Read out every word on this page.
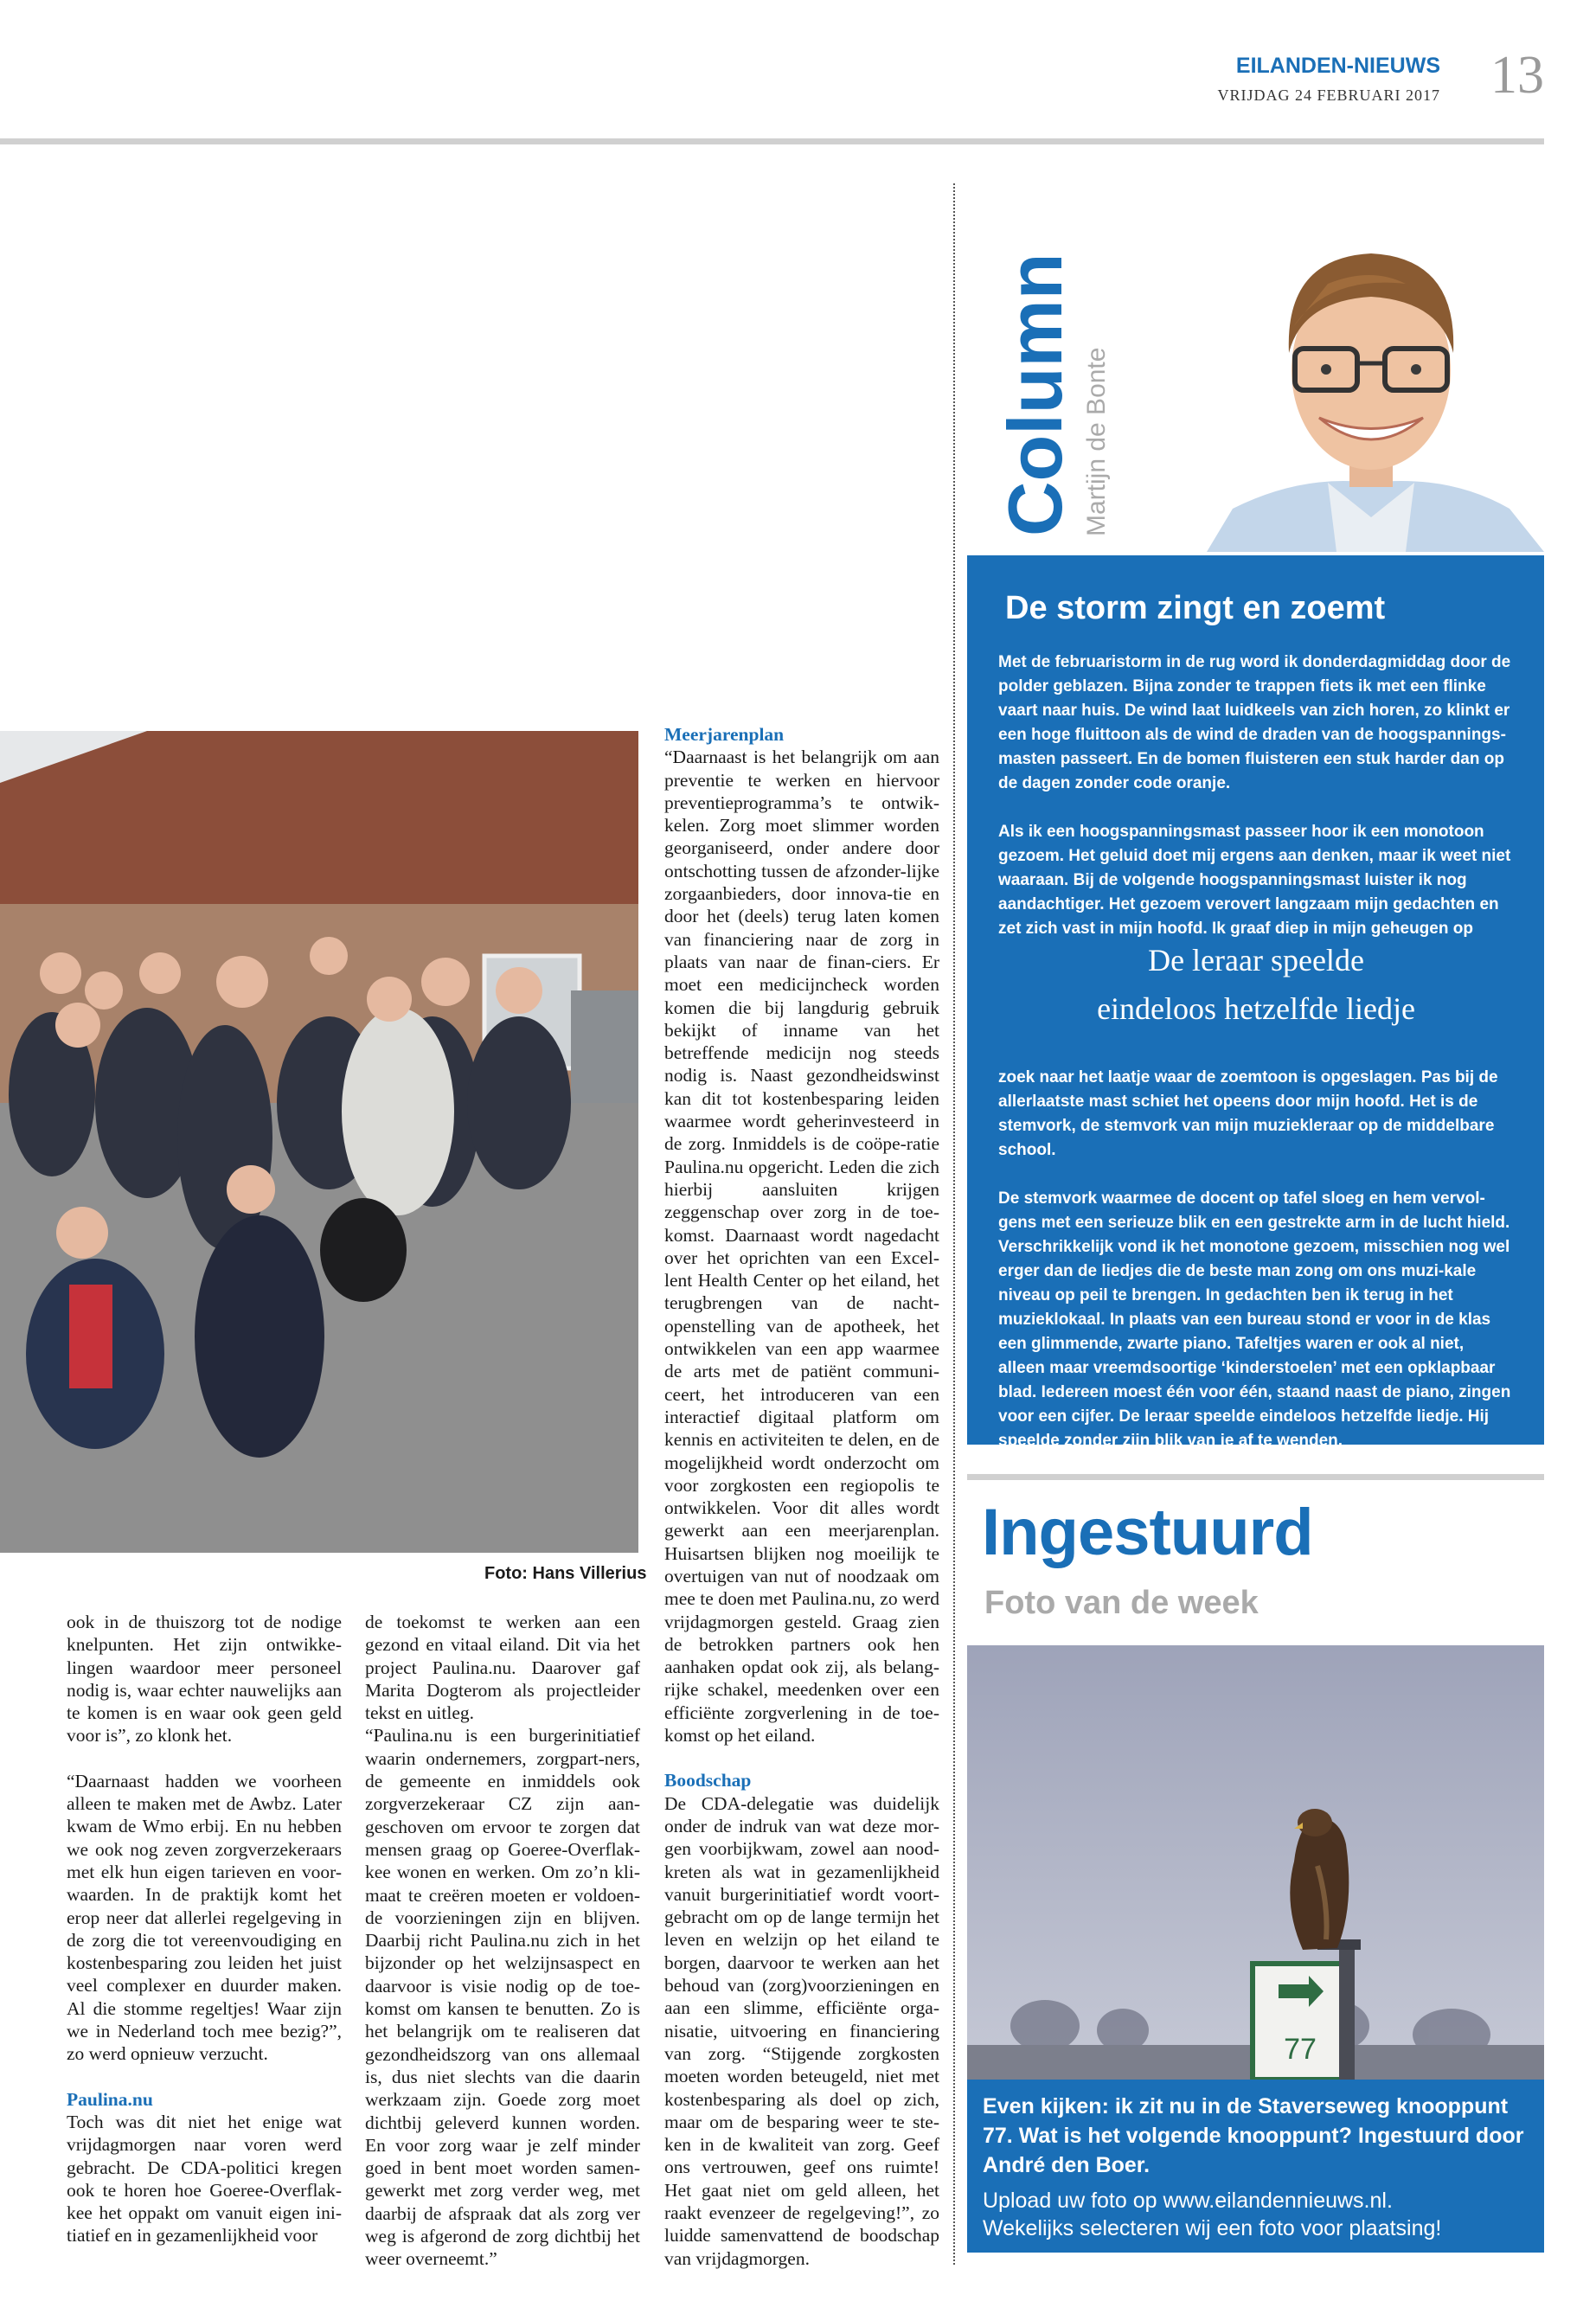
EILANDEN-NIEUWS
VRIJDAG 24 FEBRUARI 2017 13
Column Martijn de Bonte
De storm zingt en zoemt

Met de februaristorm in de rug word ik donderdagmiddag door de polder geblazen. Bijna zonder te trappen fiets ik met een flinke vaart naar huis. De wind laat luidkeels van zich horen, zo klinkt er een hoge fluittoon als de wind de draden van de hoogspannings-masten passeert. En de bomen fluisteren een stuk harder dan op de dagen zonder code oranje.

Als ik een hoogspanningsmast passeer hoor ik een monotoon gezoem. Het geluid doet mij ergens aan denken, maar ik weet niet waaraan. Bij de volgende hoogspanningsmast luister ik nog aandachtiger. Het gezoem verovert langzaam mijn gedachten en zet zich vast in mijn hoofd. Ik graaf diep in mijn geheugen op

De leraar speelde
eindeloos hetzelfde liedje

zoek naar het laatje waar de zoemtoon is opgeslagen. Pas bij de allerlaatste mast schiet het opeens door mijn hoofd. Het is de stemvork, de stemvork van mijn muziekleraar op de middelbare school.

De stemvork waarmee de docent op tafel sloeg en hem vervol-gens met een serieuze blik en een gestrekte arm in de lucht hield. Verschrikkelijk vond ik het monotone gezoem, misschien nog wel erger dan de liedjes die de beste man zong om ons muzi-kale niveau op peil te brengen. In gedachten ben ik terug in het muzieklokaal. In plaats van een bureau stond er voor in de klas een glimmende, zwarte piano. Tafeltjes waren er ook al niet, alleen maar vreemdsoortige ‘kinderstoelen’ met een opklapbaar blad. Iedereen moest één voor één, staand naast de piano, zingen voor een cijfer. De leraar speelde eindeloos hetzelfde liedje. Hij speelde zonder zijn blik van je af te wenden.

Foto: Hans Villerius

ook in de thuiszorg tot de nodige knelpunten. Het zijn ontwikke-lingen waardoor meer personeel nodig is, waar echter nauwelijks aan te komen is en waar ook geen geld voor is”, zo klonk het.

“Daarnaast hadden we voorheen alleen te maken met de Awbz. Later kwam de Wmo erbij. En nu hebben we ook nog zeven zorgverzekeraars met elk hun eigen tarieven en voor-waarden. In de praktijk komt het erop neer dat allerlei regelgeving in de zorg die tot vereenvoudiging en kostenbesparing zou leiden het juist veel complexer en duurder maken. Al die stomme regeltjes! Waar zijn we in Nederland toch mee bezig?”, zo werd opnieuw verzucht.

Paulina.nu

Toch was dit niet het enige wat vrijdagmorgen naar voren werd gebracht. De CDA-politici kregen ook te horen hoe Goeree-Overflak-kee het oppakt om vanuit eigen ini-tiatief en in gezamenlijkheid voor

de toekomst te werken aan een gezond en vitaal eiland. Dit via het project Paulina.nu. Daarover gaf Marita Dogterom als projectleider tekst en uitleg.

“Paulina.nu is een burgerinitiatief waarin ondernemers, zorgpart-ners, de gemeente en inmiddels ook zorgverzekeraar CZ zijn aan-geschoven om ervoor te zorgen dat mensen graag op Goeree-Overflak-kee wonen en werken. Om zo’n kli-maat te creëren moeten er voldoen-de voorzieningen zijn en blijven. Daarbij richt Paulina.nu zich in het bijzonder op het welzijnsaspect en daarvoor is visie nodig op de toe-komst om kansen te benutten. Zo is het belangrijk om te realiseren dat gezondheidszorg van ons allemaal is, dus niet slechts van die daarin werkzaam zijn. Goede zorg moet dichtbij geleverd kunnen worden. En voor zorg waar je zelf minder goed in bent moet worden samen-gewerkt met zorg verder weg, met daarbij de afspraak dat als zorg ver weg is afgerond de zorg dichtbij het weer overneemt.”

Meerjarenplan

“Daarnaast is het belangrijk om aan preventie te werken en hiervoor preventieprogramma’s te ontwik-kelen. Zorg moet slimmer worden georganiseerd, onder andere door ontschotting tussen de afzonder-lijke zorgaanbieders, door innova-tie en door het (deels) terug laten komen van financiering naar de zorg in plaats van naar de finan-ciers. Er moet een medicijncheck worden komen die bij langdurig gebruik bekijkt of inname van het betreffende medicijn nog steeds nodig is. Naast gezondheidswinst kan dit tot kostenbesparing leiden waarmee wordt geherinvesteerd in de zorg. Inmiddels is de coöpe-ratie Paulina.nu opgericht. Leden die zich hierbij aansluiten krijgen zeggenschap over zorg in de toe-komst. Daarnaast wordt nagedacht over het oprichten van een Excel-lent Health Center op het eiland, het terugbrengen van de nacht-openstelling van de apotheek, het ontwikkelen van een app waarmee de arts met de patiënt communi-ceert, het introduceren van een interactief digitaal platform om kennis en activiteiten te delen, en de mogelijkheid wordt onderzocht om voor zorgkosten een regiopolis te ontwikkelen. Voor dit alles wordt gewerkt aan een meerjarenplan. Huisartsen blijken nog moeilijk te overtuigen van nut of noodzaak om mee te doen met Paulina.nu, zo werd vrijdagmorgen gesteld. Graag zien de betrokken partners ook hen aanhaken opdat ook zij, als belang-rijke schakel, meedenken over een efficiënte zorgverlening in de toe-komst op het eiland.

Boodschap

De CDA-delegatie was duidelijk onder de indruk van wat deze mor-gen voorbijkwam, zowel aan nood-kreten als wat in gezamenlijkheid vanuit burgerinitiatief wordt voort-gebracht om op de lange termijn het leven en welzijn op het eiland te borgen, daarvoor te werken aan het behoud van (zorg)voorzieningen en aan een slimme, efficiënte orga-nisatie, uitvoering en financiering van zorg. “Stijgende zorgkosten moeten worden beteugeld, niet met kostenbesparing als doel op zich, maar om de besparing weer te ste-ken in de kwaliteit van zorg. Geef ons vertrouwen, geef ons ruimte! Het gaat niet om geld alleen, het raakt evenzeer de regelgeving!”, zo luidde samenvattend de boodschap van vrijdagmorgen.

Ingestuurd
Foto van de week
77
Even kijken: ik zit nu in de Staverseweg knooppunt 77. Wat is het volgende knooppunt? Ingestuurd door André den Boer.
Upload uw foto op www.eilandennieuws.nl.
Wekelijks selecteren wij een foto voor plaatsing!
